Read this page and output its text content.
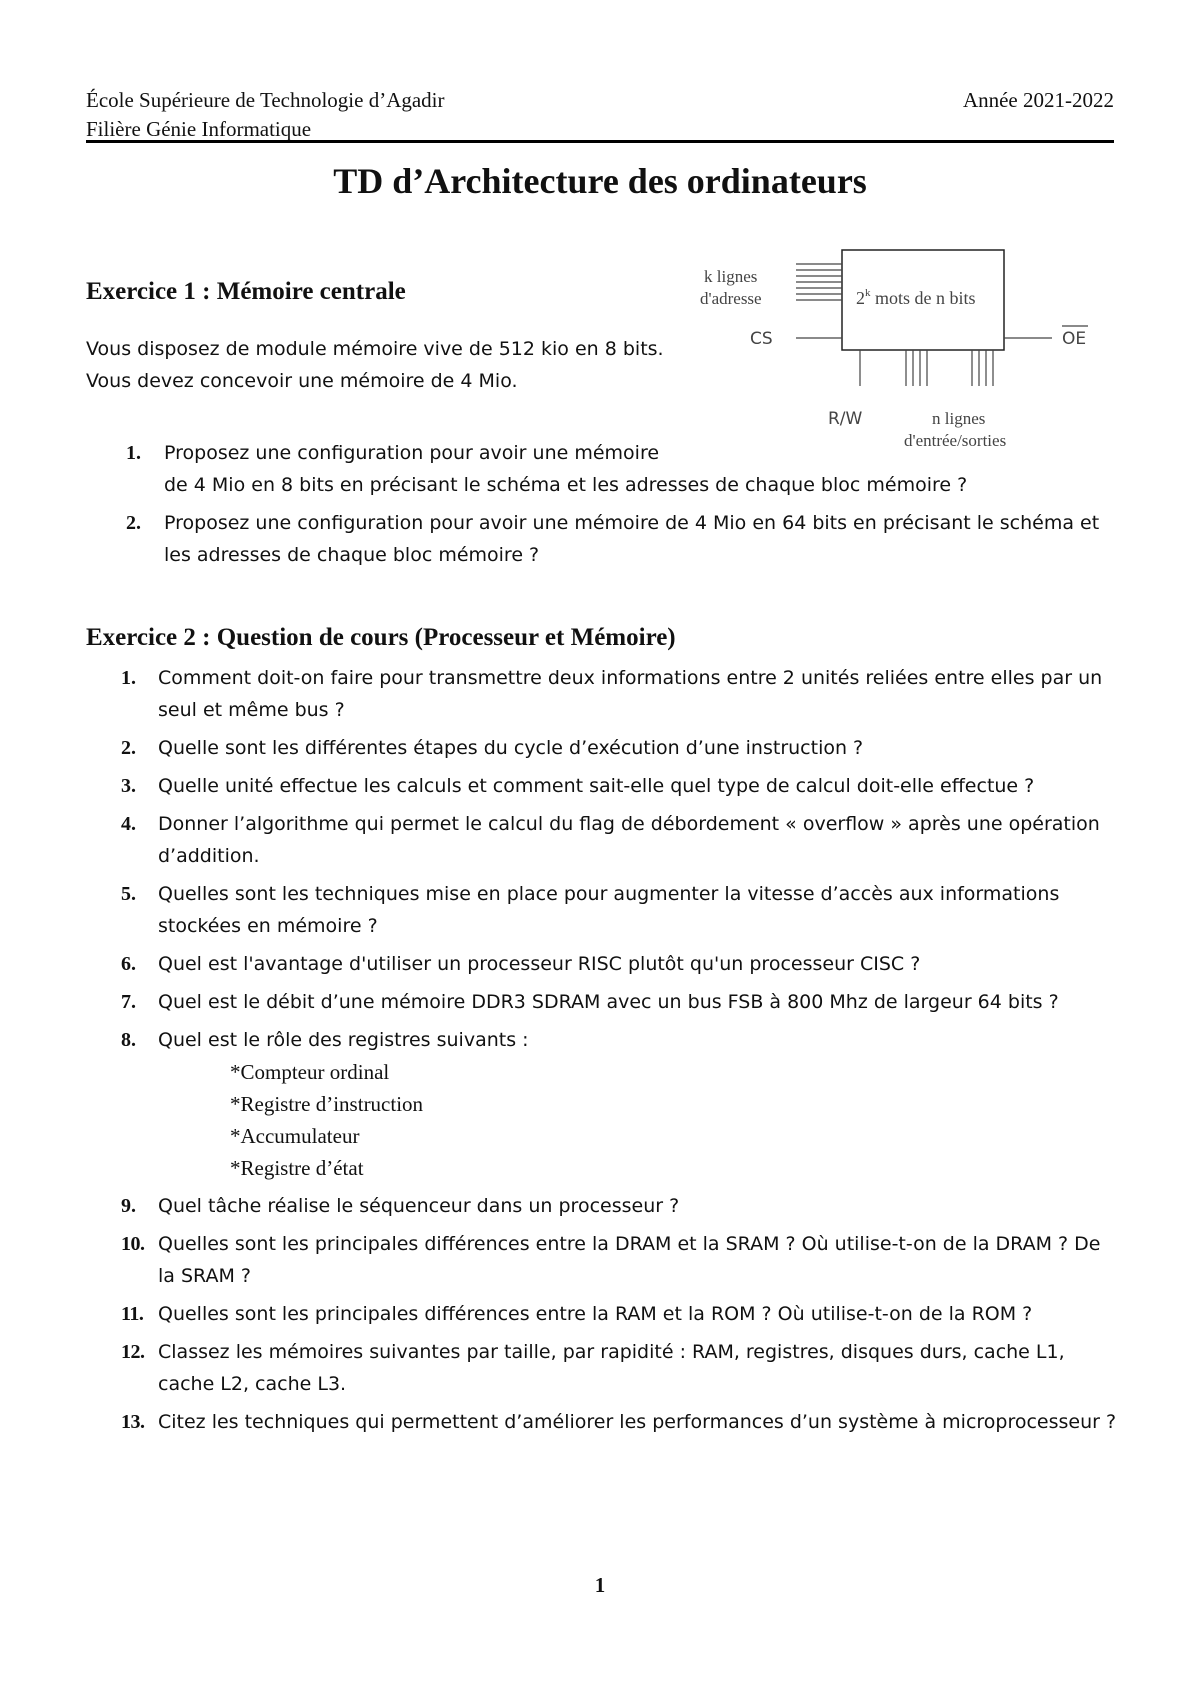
École Supérieure de Technologie d’Agadir
Filière Génie Informatique
Année 2021-2022
TD d’Architecture des ordinateurs
k lignes
d'adresse	2$^k$ mots de n bits
n lignes
d'entrée/sorties
CS	OE
R/W
Exercice 1 : Mémoire centrale
Vous disposez de module mémoire vive de 512 kio en 8 bits.
Vous devez concevoir une mémoire de 4 Mio.
1. Proposez une configuration pour avoir une mémoire
de 4 Mio en 8 bits en précisant le schéma et les adresses de chaque bloc mémoire ?
2. Proposez une configuration pour avoir une mémoire de 4 Mio en 64 bits en précisant le schéma et les adresses de chaque bloc mémoire ?
Exercice 2 : Question de cours (Processeur et Mémoire)
1. Comment doit-on faire pour transmettre deux informations entre 2 unités reliées entre elles par un seul et même bus ?
2. Quelle sont les différentes étapes du cycle d’exécution d’une instruction ?
3. Quelle unité effectue les calculs et comment sait-elle quel type de calcul doit-elle effectue ?
4. Donner l’algorithme qui permet le calcul du flag de débordement « overflow » après une opération d’addition.
5. Quelles sont les techniques mise en place pour augmenter la vitesse d’accès aux informations stockées en mémoire ?
6. Quel est l'avantage d'utiliser un processeur RISC plutôt qu'un processeur CISC ?
7. Quel est le débit d’une mémoire DDR3 SDRAM avec un bus FSB à 800 Mhz de largeur 64 bits ?
8. Quel est le rôle des registres suivants :
*Compteur ordinal
*Registre d’instruction
*Accumulateur
*Registre d’état
9. Quel tâche réalise le séquenceur dans un processeur ?
10. Quelles sont les principales différences entre la DRAM et la SRAM ? Où utilise-t-on de la DRAM ? De la SRAM ?
11. Quelles sont les principales différences entre la RAM et la ROM ? Où utilise-t-on de la ROM ?
12. Classez les mémoires suivantes par taille, par rapidité : RAM, registres, disques durs, cache L1, cache L2, cache L3.
13. Citez les techniques qui permettent d’améliorer les performances d’un système à microprocesseur ?
1
